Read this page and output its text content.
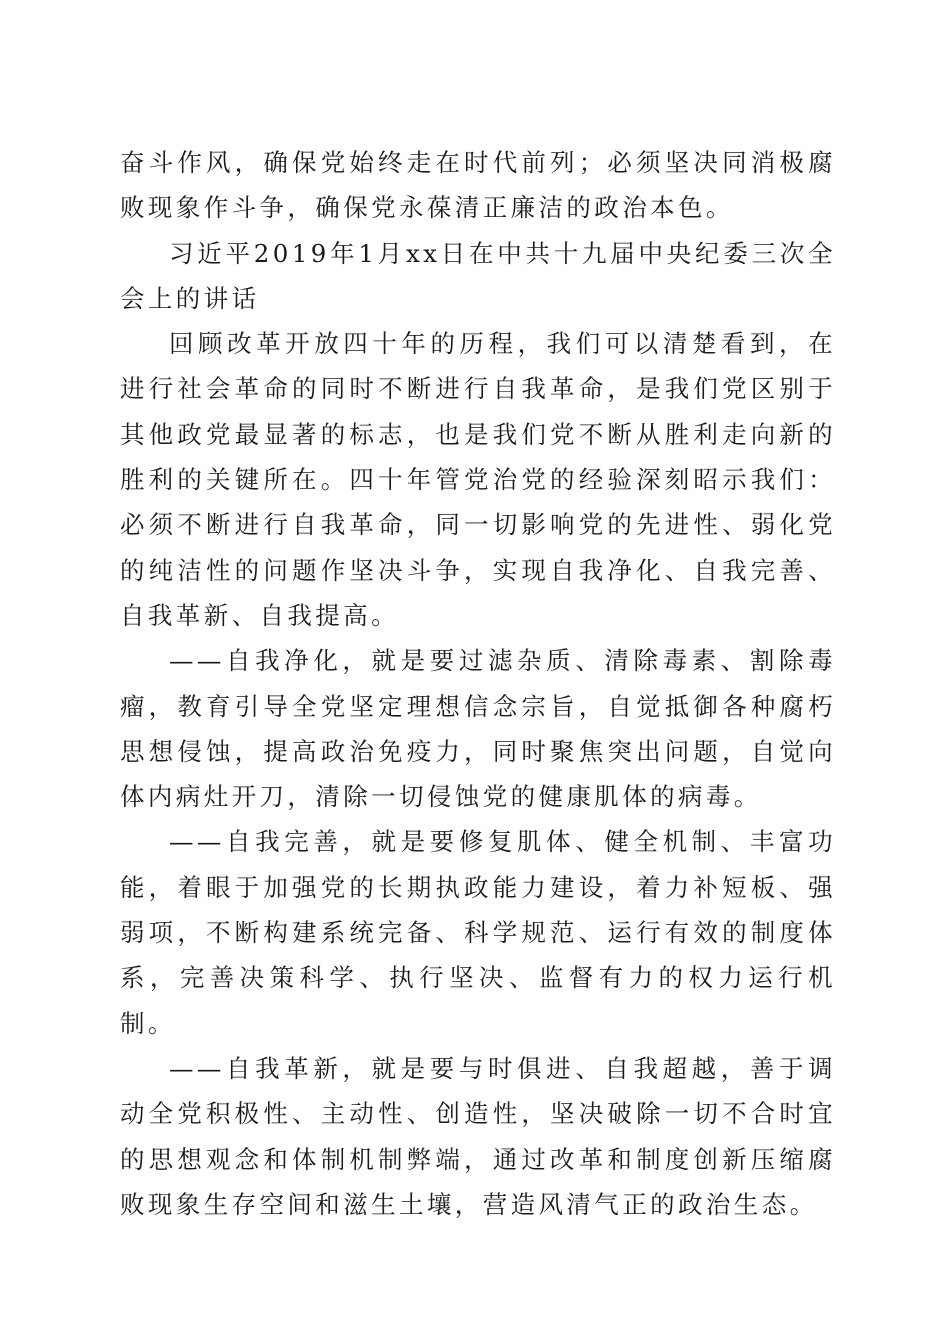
奋斗作风，确保党始终走在时代前列；必须坚决同消极腐败现象作斗争，确保党永葆清正廉洁的政治本色。

习近平2019年1月xx日在中共十九届中央纪委三次全会上的讲话

回顾改革开放四十年的历程，我们可以清楚看到，在进行社会革命的同时不断进行自我革命，是我们党区别于其他政党最显著的标志，也是我们党不断从胜利走向新的胜利的关键所在。四十年管党治党的经验深刻昭示我们：必须不断进行自我革命，同一切影响党的先进性、弱化党的纯洁性的问题作坚决斗争，实现自我净化、自我完善、自我革新、自我提高。

——自我净化，就是要过滤杂质、清除毒素、割除毒瘤，教育引导全党坚定理想信念宗旨，自觉抵御各种腐朽思想侵蚀，提高政治免疫力，同时聚焦突出问题，自觉向体内病灶开刀，清除一切侵蚀党的健康肌体的病毒。

——自我完善，就是要修复肌体、健全机制、丰富功能，着眼于加强党的长期执政能力建设，着力补短板、强弱项，不断构建系统完备、科学规范、运行有效的制度体系，完善决策科学、执行坚决、监督有力的权力运行机制。

——自我革新，就是要与时俱进、自我超越，善于调动全党积极性、主动性、创造性，坚决破除一切不合时宜的思想观念和体制机制弊端，通过改革和制度创新压缩腐败现象生存空间和滋生土壤，营造风清气正的政治生态。
